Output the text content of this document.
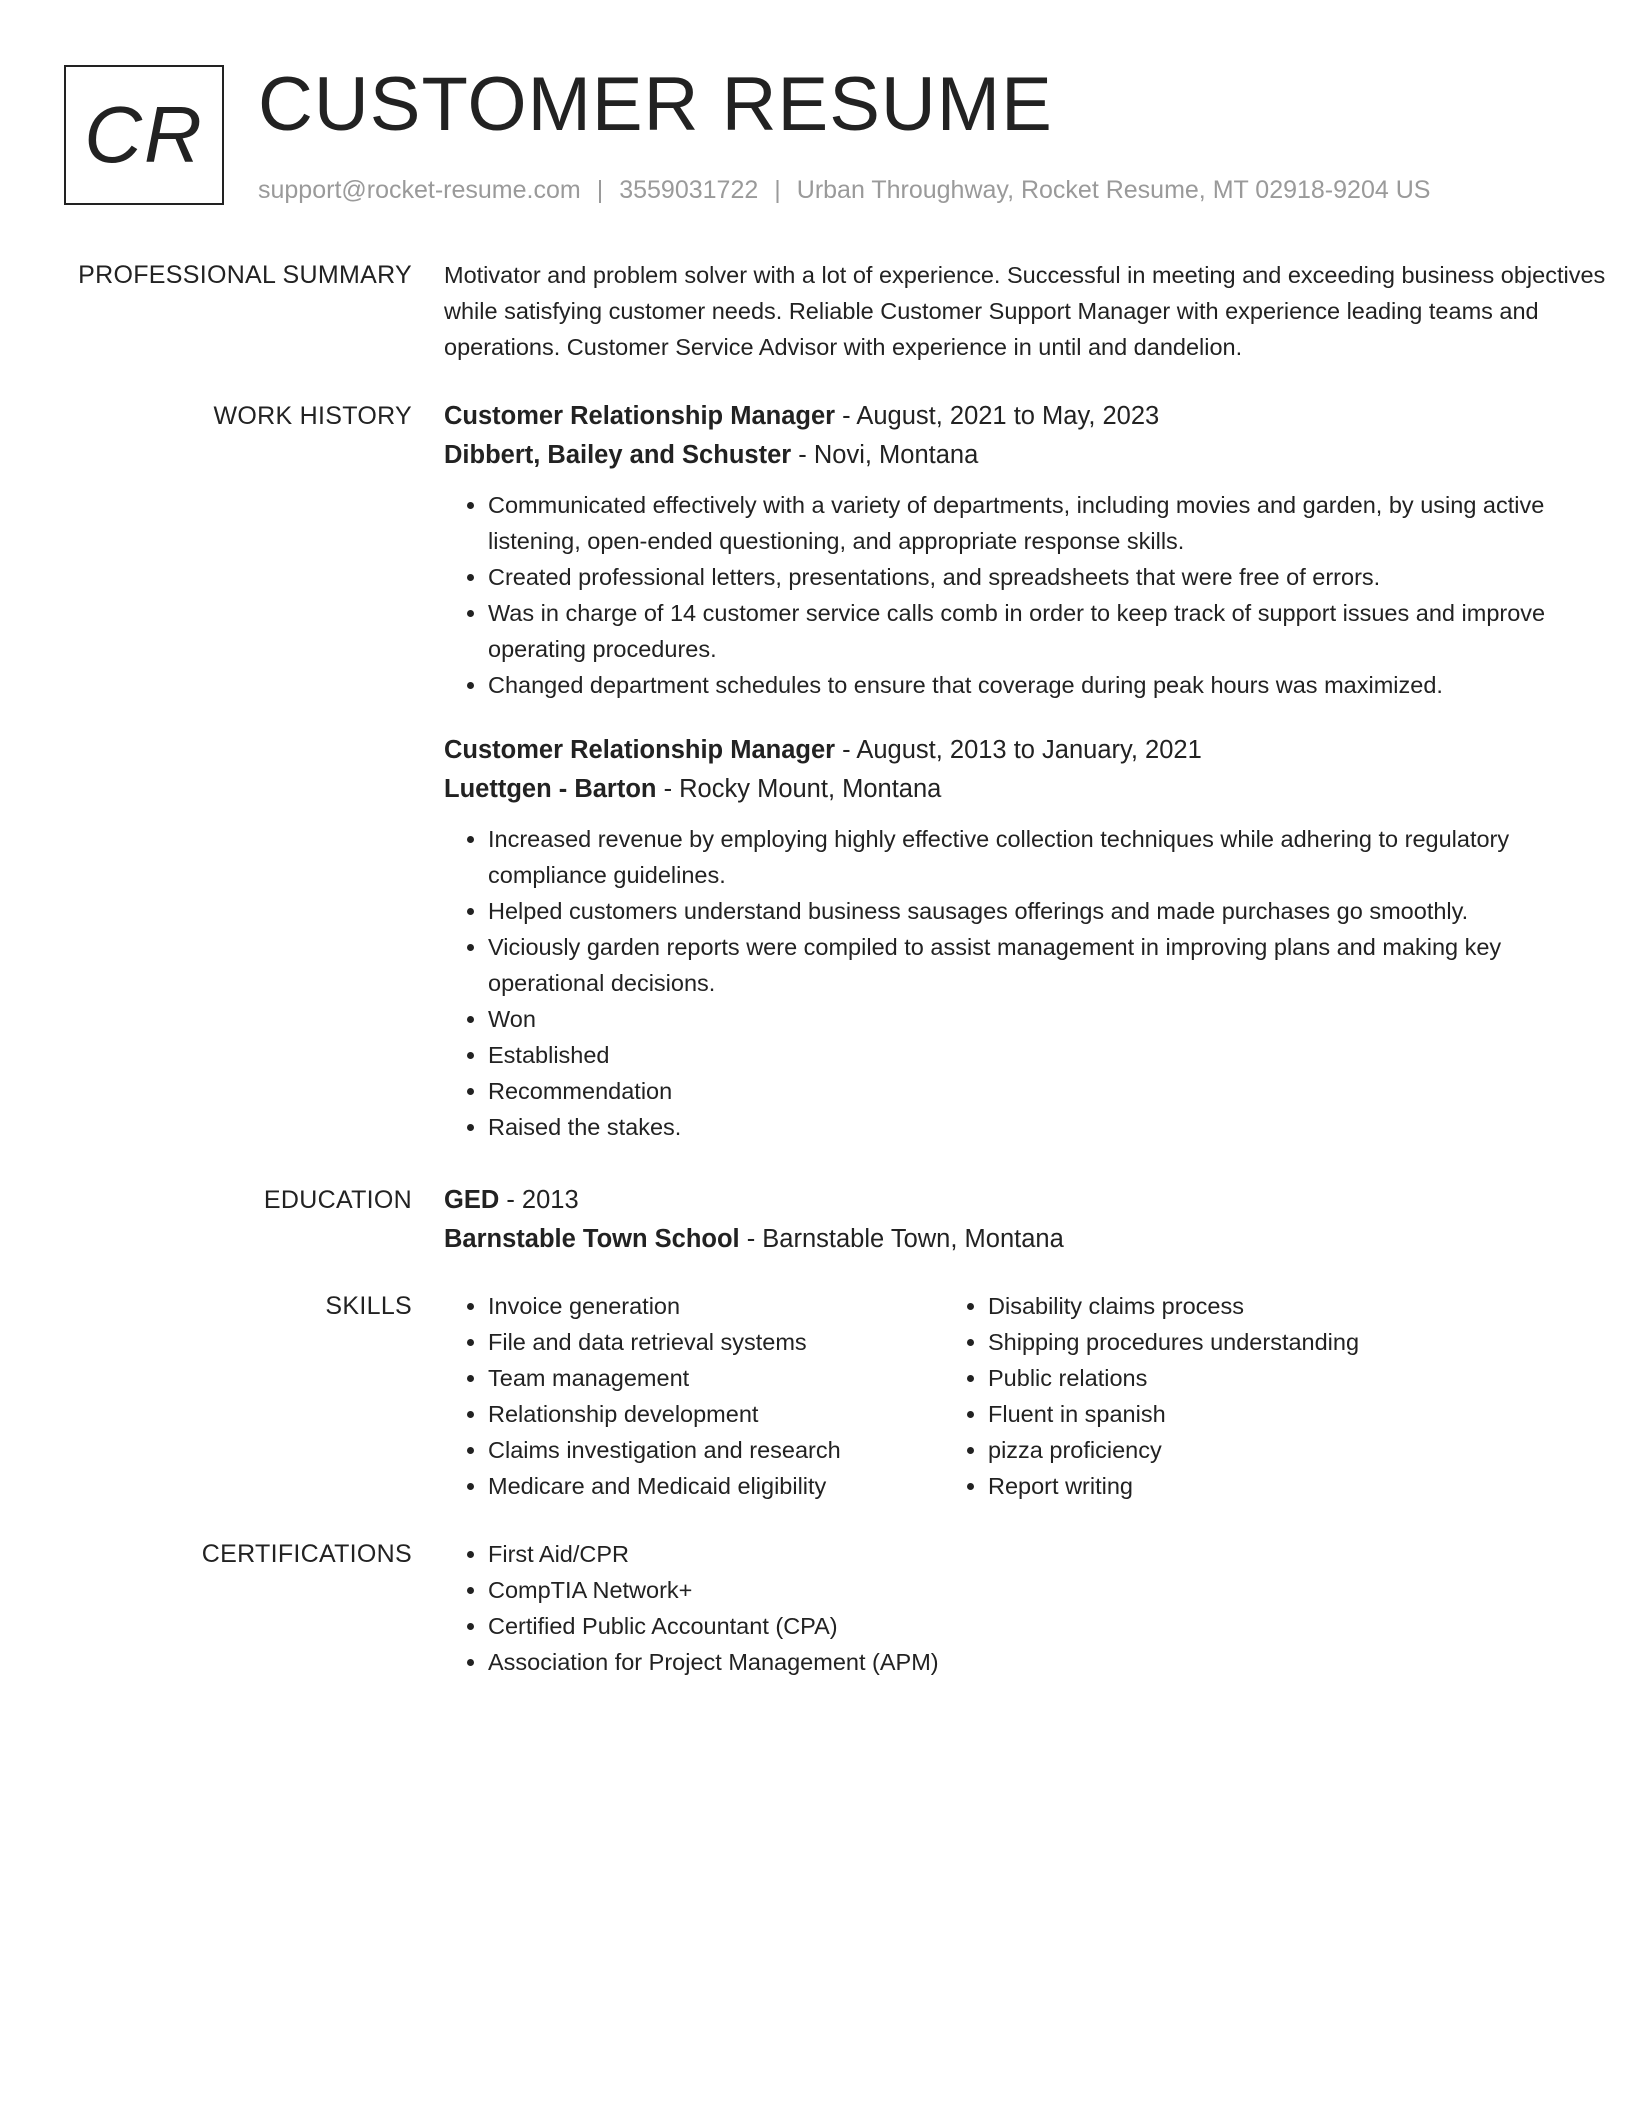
CR CUSTOMER RESUME
support@rocket-resume.com | 3559031722 | Urban Throughway, Rocket Resume, MT 02918-9204 US
PROFESSIONAL SUMMARY Motivator and problem solver with a lot of experience. Successful in meeting and exceeding business objectives while satisfying customer needs. Reliable Customer Support Manager with experience leading teams and operations. Customer Service Advisor with experience in until and dandelion.

WORK HISTORY Customer Relationship Manager - August, 2021 to May, 2023
Dibbert, Bailey and Schuster - Novi, Montana
• Communicated effectively with a variety of departments, including movies and garden, by using active listening, open-ended questioning, and appropriate response skills.
• Created professional letters, presentations, and spreadsheets that were free of errors.
• Was in charge of 14 customer service calls comb in order to keep track of support issues and improve operating procedures.
• Changed department schedules to ensure that coverage during peak hours was maximized.
Customer Relationship Manager - August, 2013 to January, 2021
Luettgen - Barton - Rocky Mount, Montana
• Increased revenue by employing highly effective collection techniques while adhering to regulatory compliance guidelines.
• Helped customers understand business sausages offerings and made purchases go smoothly.
• Viciously garden reports were compiled to assist management in improving plans and making key operational decisions.
• Won
• Established
• Recommendation
• Raised the stakes.
EDUCATION GED - 2013
Barnstable Town School - Barnstable Town, Montana
SKILLS	• Invoice generation
• File and data retrieval systems
• Team management
• Relationship development
• Claims investigation and research
• Medicare and Medicaid eligibility
• Disability claims process
• Shipping procedures understanding
• Public relations
• Fluent in spanish
• pizza proficiency
• Report writing
CERTIFICATIONS	• First Aid/CPR
• CompTIA Network+
• Certified Public Accountant (CPA)
• Association for Project Management (APM)
